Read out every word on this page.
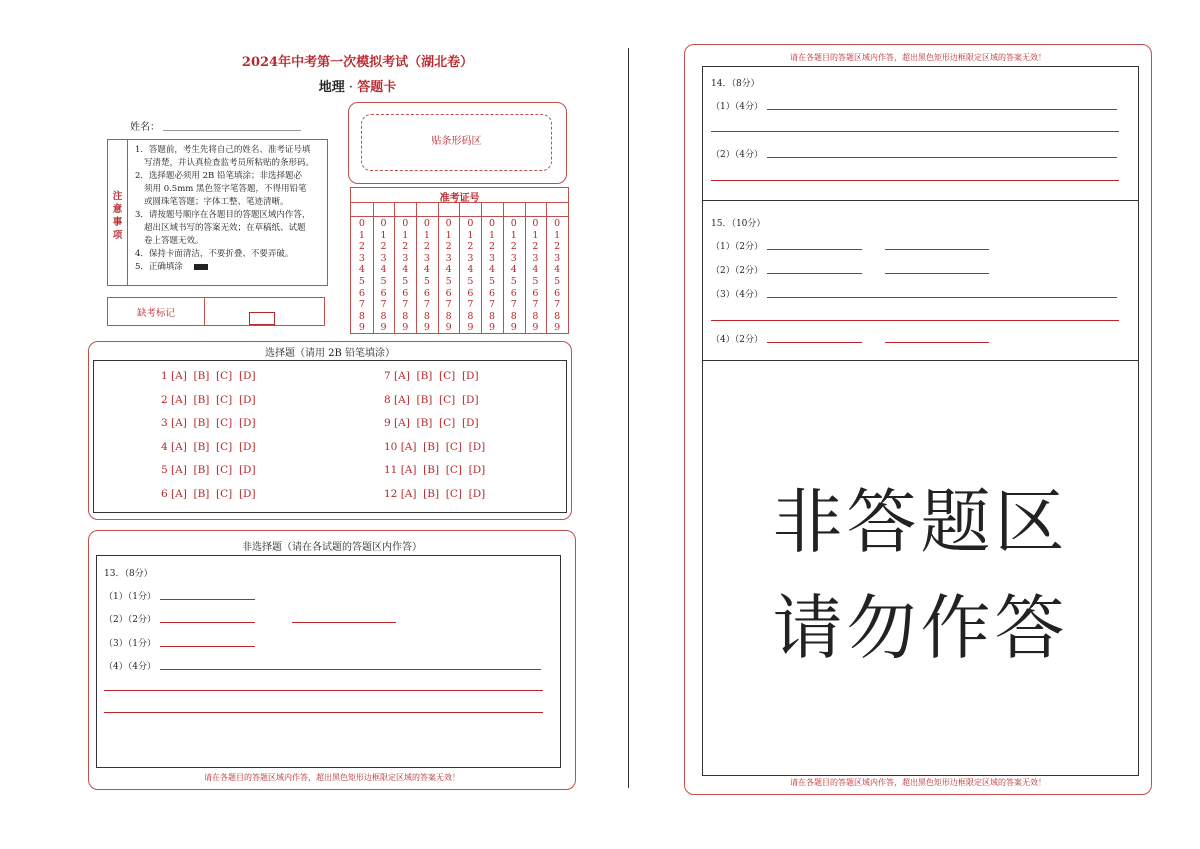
2024年中考第一次模拟考试（湖北卷）
地理 · 答题卡
姓名：
注
意
事
项
1．答题前，考生先将自己的姓名、准考证号填
写清楚，并认真检查监考员所粘贴的条形码。
2．选择题必须用 2B 铅笔填涂；非选择题必
须用 0.5mm 黑色签字笔答题，不得用铅笔
或圆珠笔答题；字体工整、笔迹清晰。
3．请按题号顺序在各题目的答题区域内作答，
超出区域书写的答案无效；在草稿纸、试题
卷上答题无效。
4．保持卡面清洁，不要折叠、不要弄破。
5．正确填涂
缺考标记
贴条形码区
准考证号
0
1
2
3
4
5
6
7
8
9
0
1
2
3
4
5
6
7
8
9
0
1
2
3
4
5
6
7
8
9
0
1
2
3
4
5
6
7
8
9
0
1
2
3
4
5
6
7
8
9
0
1
2
3
4
5
6
7
8
9
0
1
2
3
4
5
6
7
8
9
0
1
2
3
4
5
6
7
8
9
0
1
2
3
4
5
6
7
8
9
0
1
2
3
4
5
6
7
8
9
选择题（请用 2B 铅笔填涂）
1 [A]  [B]  [C]  [D]
2 [A]  [B]  [C]  [D]
3 [A]  [B]  [C]  [D]
4 [A]  [B]  [C]  [D]
5 [A]  [B]  [C]  [D]
6 [A]  [B]  [C]  [D]
7 [A]  [B]  [C]  [D]
8 [A]  [B]  [C]  [D]
9 [A]  [B]  [C]  [D]
10 [A]  [B]  [C]  [D]
11 [A]  [B]  [C]  [D]
12 [A]  [B]  [C]  [D]
非选择题（请在各试题的答题区内作答）
请在各题目的答题区域内作答，超出黑色矩形边框限定区域的答案无效！
13．（8分）
（1）（1分）
（2）（2分）
（3）（1分）
（4）（4分）
请在各题目的答题区域内作答，超出黑色矩形边框限定区域的答案无效！
请在各题目的答题区域内作答，超出黑色矩形边框限定区域的答案无效！
14．（8分）
（1）（4分）
（2）（4分）
15．（10分）
（1）（2分）
（2）（2分）
（3）（4分）
（4）（2分）
非答题区
请勿作答
